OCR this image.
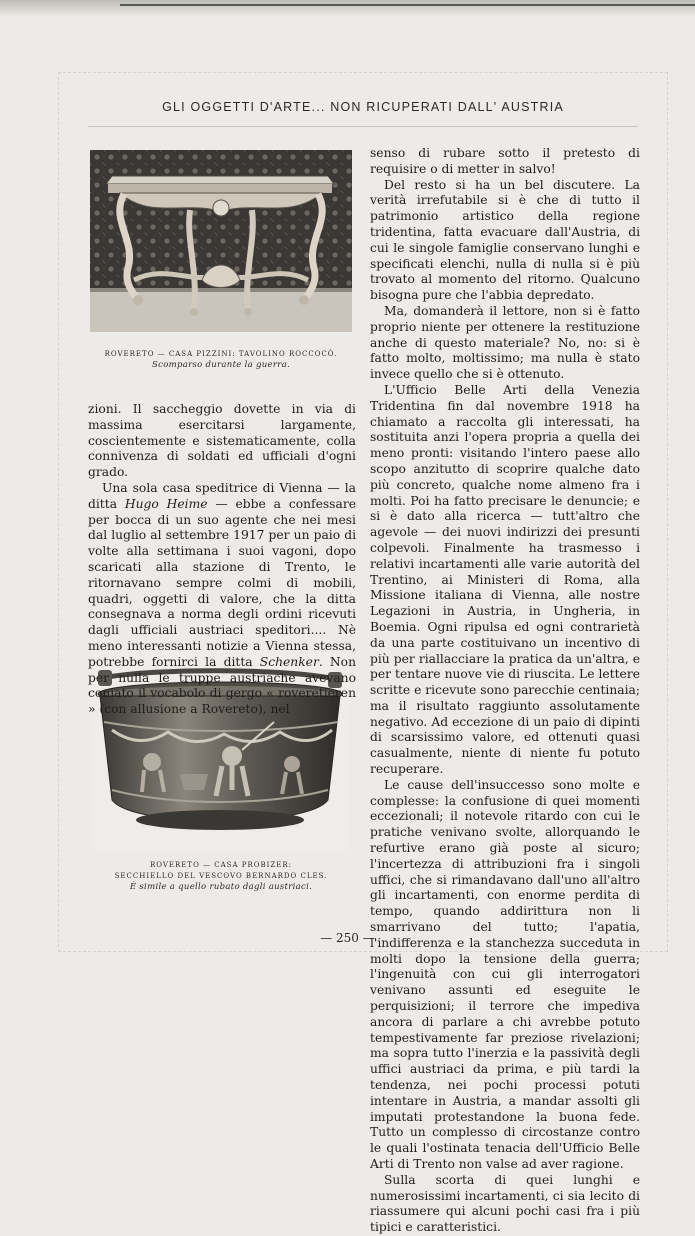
GLI OGGETTI D'ARTE... NON RICUPERATI DALL' AUSTRIA
ROVERETO — CASA PIZZINI: TAVOLINO ROCCOCÒ.
Scomparso durante la guerra.
ROVERETO — CASA PROBIZER:
SECCHIELLO DEL VESCOVO BERNARDO CLES.
È simile a quello rubato dagli austriaci.

zioni. Il saccheggio dovette in via di massima esercitarsi largamente, coscientemente e sistematicamente, colla connivenza di soldati ed ufficiali d'ogni grado.

Una sola casa speditrice di Vienna — la ditta Hugo Heime — ebbe a confessare per bocca di un suo agente che nei mesi dal luglio al settembre 1917 per un paio di volte alla settimana i suoi vagoni, dopo scaricati alla stazione di Trento, le ritornavano sempre colmi di mobili, quadri, oggetti di valore, che la ditta consegnava a norma degli ordini ricevuti dagli ufficiali austriaci speditori.... Nè meno interessanti notizie a Vienna stessa, potrebbe fornirci la ditta Schenker. Non per nulla le truppe austriache avevano coniato il vocabolo di gergo « roveretieren » (con allusione a Rovereto), nel

senso di rubare sotto il pretesto di requisire o di metter in salvo!

Del resto si ha un bel discutere. La verità irrefutabile si è che di tutto il patrimonio artistico della regione tridentina, fatta evacuare dall'Austria, di cui le singole famiglie conservano lunghi e specificati elenchi, nulla di nulla si è più trovato al momento del ritorno. Qualcuno bisogna pure che l'abbia depredato.

Ma, domanderà il lettore, non si è fatto proprio niente per ottenere la restituzione anche di questo materiale? No, no: si è fatto molto, moltissimo; ma nulla è stato invece quello che si è ottenuto.

L'Ufficio Belle Arti della Venezia Tridentina fin dal novembre 1918 ha chiamato a raccolta gli interessati, ha sostituita anzi l'opera propria a quella dei meno pronti: visitando l'intero paese allo scopo anzitutto di scoprire qualche dato più concreto, qualche nome almeno fra i molti. Poi ha fatto precisare le denuncie; e si è dato alla ricerca — tutt'altro che agevole — dei nuovi indirizzi dei presunti colpevoli. Finalmente ha trasmesso i relativi incartamenti alle varie autorità del Trentino, ai Ministeri di Roma, alla Missione italiana di Vienna, alle nostre Legazioni in Austria, in Ungheria, in Boemia. Ogni ripulsa ed ogni contrarietà da una parte costituivano un incentivo di più per riallacciare la pratica da un'altra, e per tentare nuove vie di riuscita. Le lettere scritte e ricevute sono parecchie centinaia; ma il risultato raggiunto assolutamente negativo. Ad eccezione di un paio di dipinti di scarsissimo valore, ed ottenuti quasi casualmente, niente di niente fu potuto recuperare.

Le cause dell'insuccesso sono molte e complesse: la confusione di quei momenti eccezionali; il notevole ritardo con cui le pratiche venivano svolte, allorquando le refurtive erano già poste al sicuro; l'incertezza di attribuzioni fra i singoli uffici, che si rimandavano dall'uno all'altro gli incartamenti, con enorme perdita di tempo, quando addirittura non li smarrivano del tutto; l'apatia, l'indifferenza e la stanchezza succeduta in molti dopo la tensione della guerra; l'ingenuità con cui gli interrogatori venivano assunti ed eseguite le perquisizioni; il terrore che impediva ancora di parlare a chi avrebbe potuto tempestivamente far preziose rivelazioni; ma sopra tutto l'inerzia e la passività degli uffici austriaci da prima, e più tardi la tendenza, nei pochi processi potuti intentare in Austria, a mandar assolti gli imputati protestandone la buona fede. Tutto un complesso di circostanze contro le quali l'ostinata tenacia dell'Ufficio Belle Arti di Trento non valse ad aver ragione.

Sulla scorta di quei lunghi e numerosissimi incartamenti, ci sia lecito di riassumere qui alcuni pochi casi fra i più tipici e caratteristici.

— 250 —
